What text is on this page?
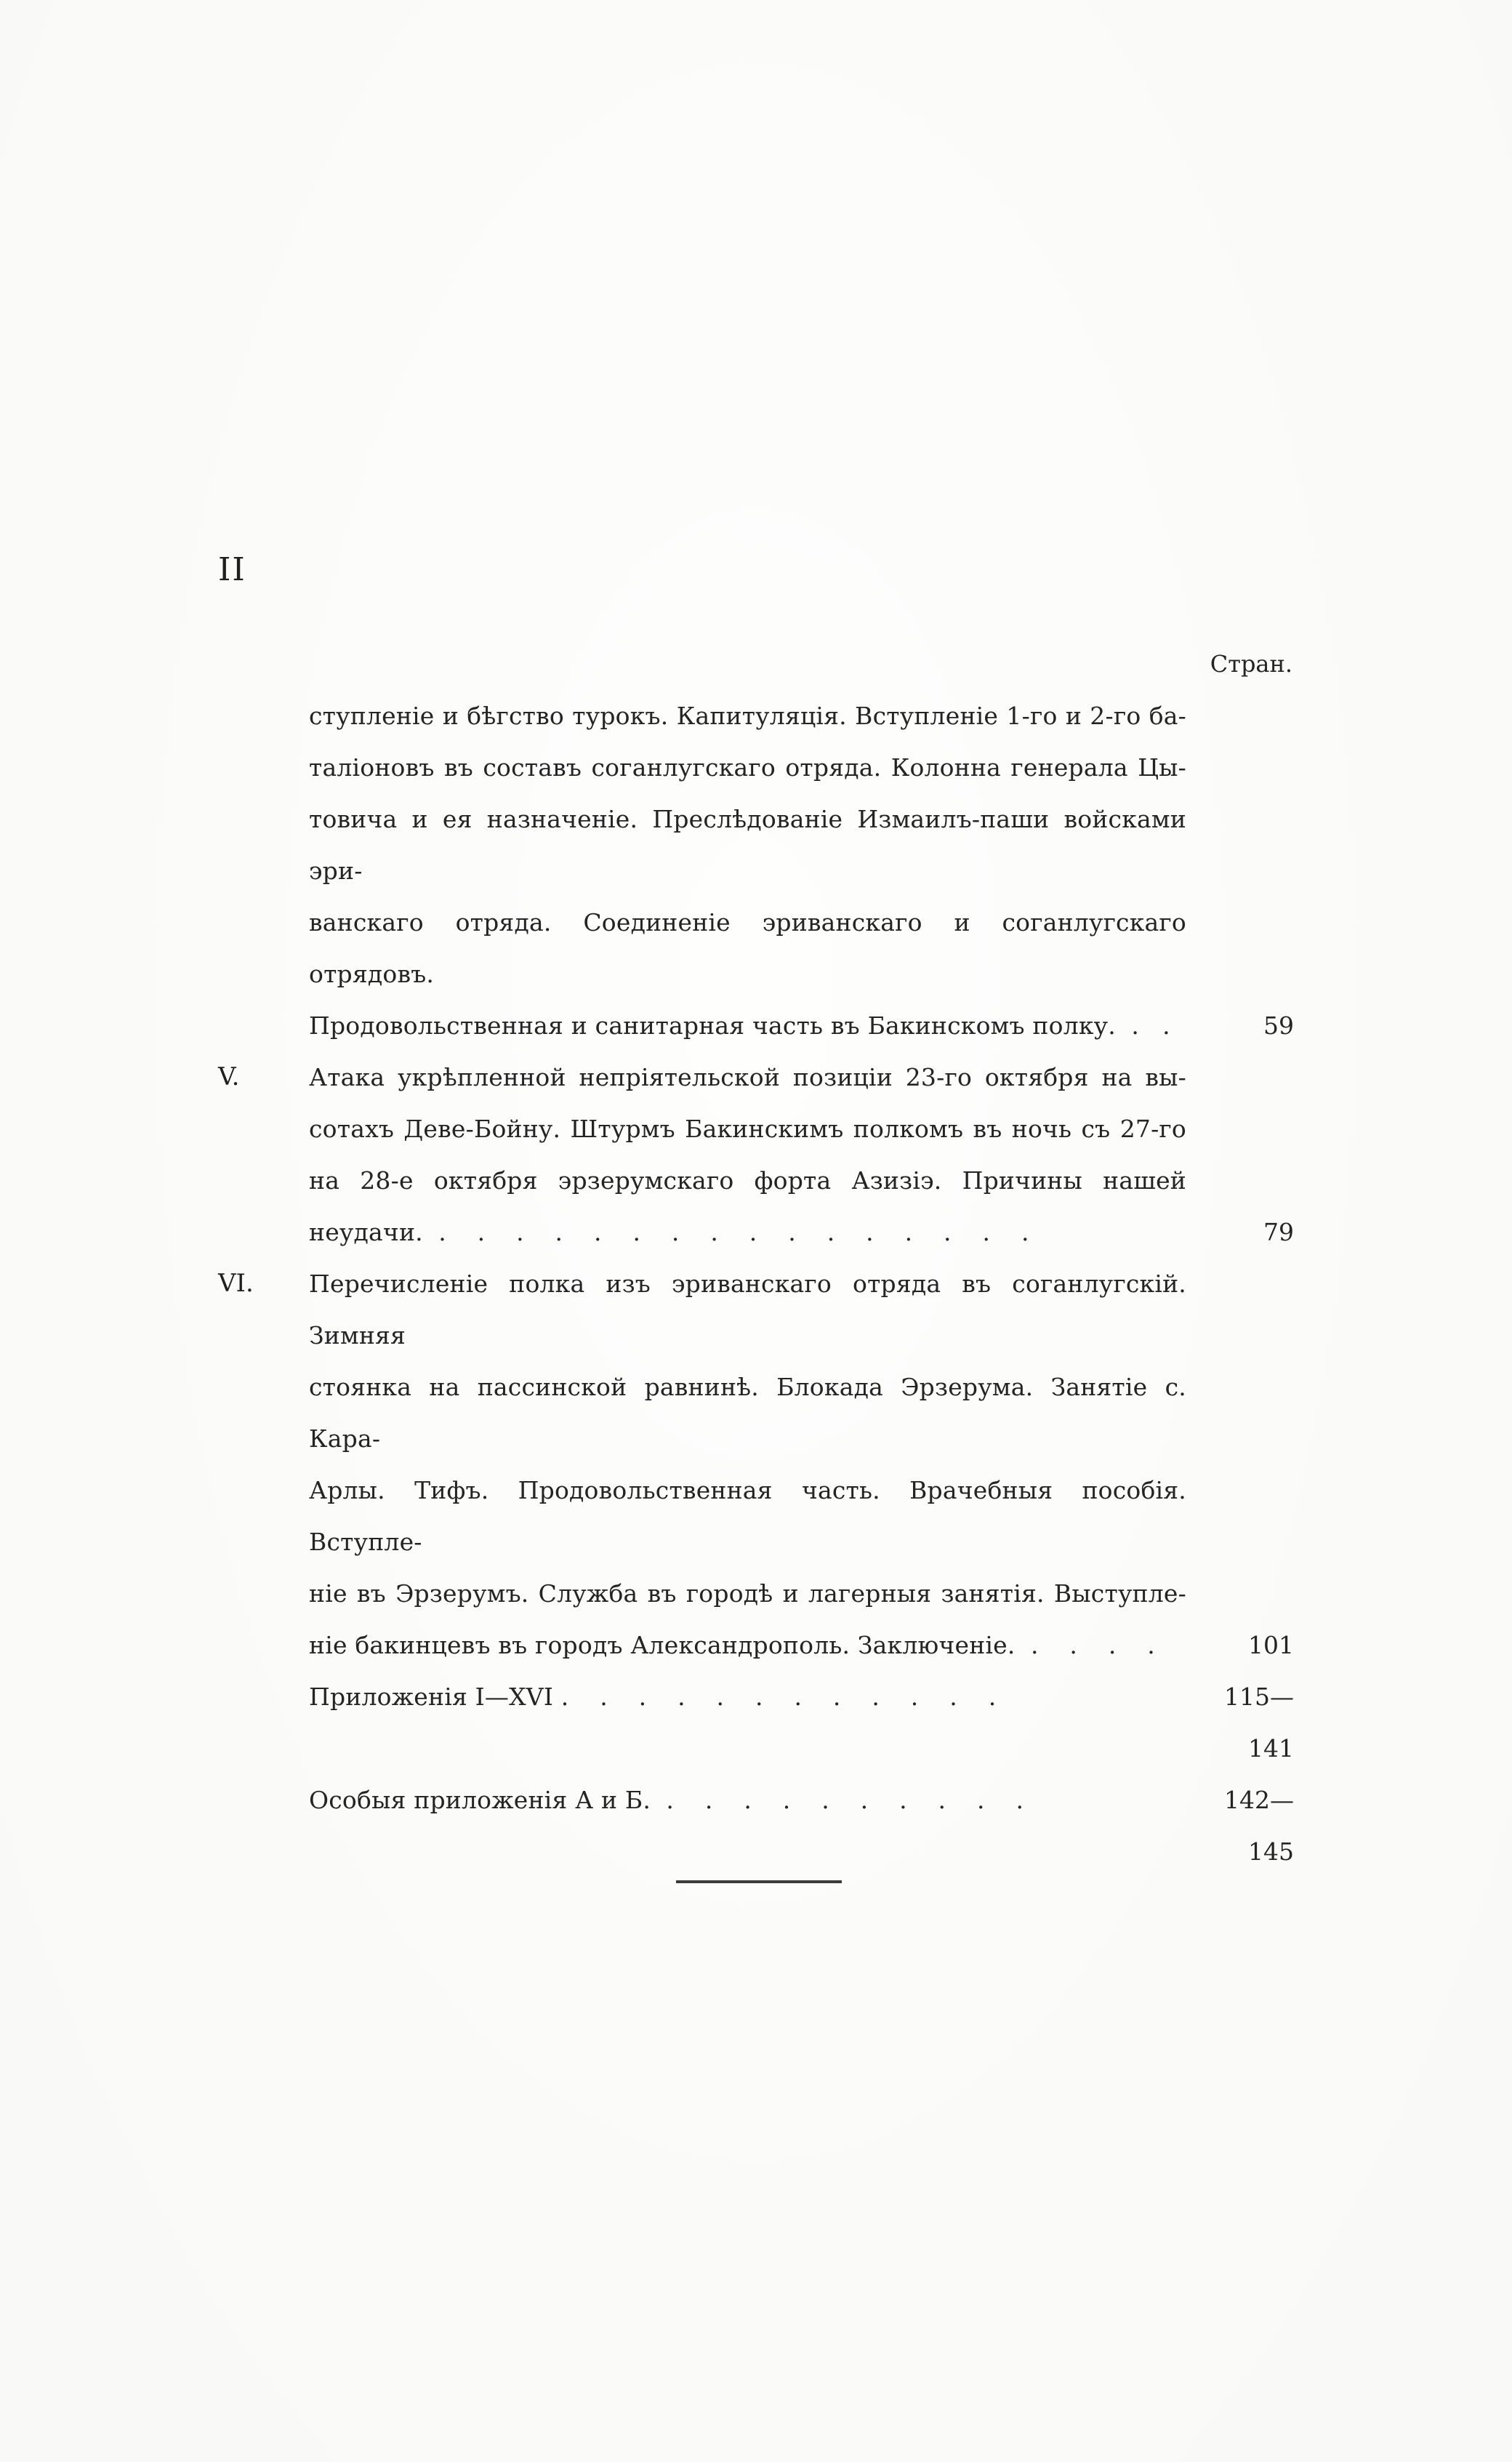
II
Стран.
ступленіе и бѣгство турокъ. Капитуляція. Вступленіе 1-го и 2-го ба-
таліоновъ въ составъ соганлугскаго отряда. Колонна генерала Цы-
товича и ея назначеніе. Преслѣдованіе Измаилъ-паши войсками эри-
ванскаго отряда. Соединеніе эриванскаго и соганлугскаго отрядовъ.
Продовольственная и санитарная часть въ Бакинскомъ полку.  .   .	59
V.	Атака укрѣпленной непріятельской позиціи 23-го октября на вы-
сотахъ Деве-Бойну. Штурмъ Бакинскимъ полкомъ въ ночь съ 27-го
на 28-е октября эрзерумскаго форта Азизіэ. Причины нашей
неудачи.  .    .    .    .    .    .    .    .    .    .    .    .    .    .    .    .	79
VI.	Перечисленіе полка изъ эриванскаго отряда въ соганлугскій. Зимняя
стоянка на пассинской равнинѣ. Блокада Эрзерума. Занятіе с. Кара-
Арлы. Тифъ. Продовольственная часть. Врачебныя пособія. Вступле-
ніе въ Эрзерумъ. Служба въ городѣ и лагерныя занятія. Выступле-
ніе бакинцевъ въ городъ Александрополь. Заключеніе.  .    .    .    .	101
Приложенія I—XVI .    .    .    .    .    .    .    .    .    .    .    .	115—141
Особыя приложенія А и Б.  .    .    .    .    .    .    .    .    .    .	142—145
